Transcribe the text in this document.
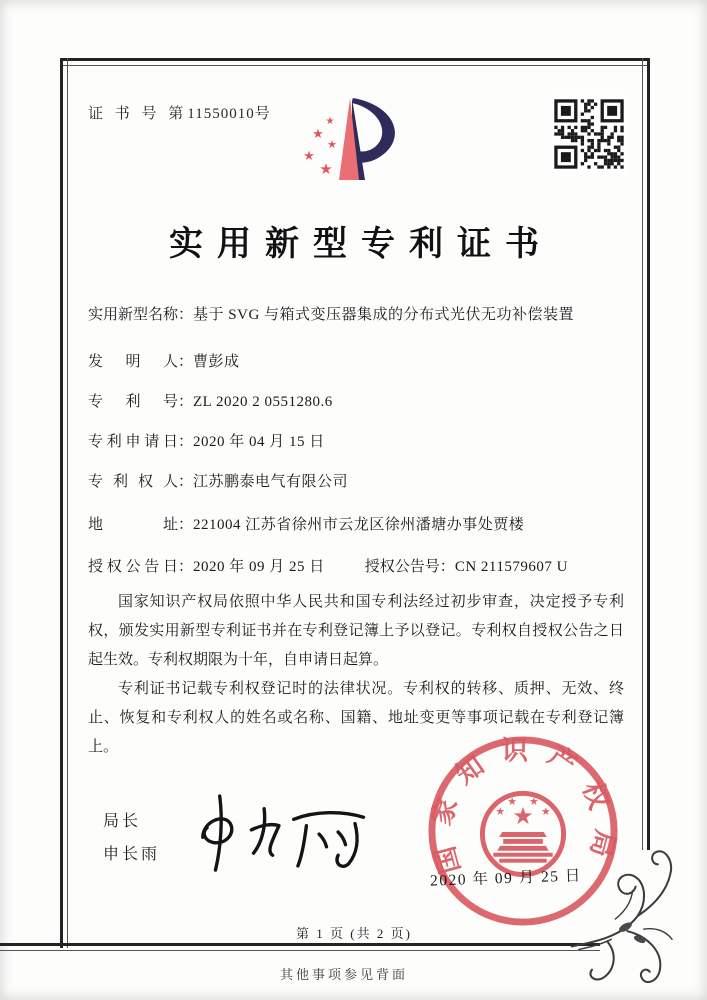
证 书 号 第11550010号	★
★
★
★
★
实用新型专利证书
实用新型名称：基于 SVG 与箱式变压器集成的分布式光伏无功补偿装置
发明人：曹彭成
专利号：ZL 2020 2 0551280.6
专利申请日：2020 年 04 月 15 日
专利权人：江苏鹏泰电气有限公司
地址：221004 江苏省徐州市云龙区徐州潘塘办事处贾楼
授权公告日：2020 年 09 月 25 日	授权公告号：CN 211579607 U

国家知识产权局依照中华人民共和国专利法经过初步审查，决定授予专利权，颁发实用新型专利证书并在专利登记簿上予以登记。专利权自授权公告之日起生效。专利权期限为十年，自申请日起算。

专利证书记载专利权登记时的法律状况。专利权的转移、质押、无效、终止、恢复和专利权人的姓名或名称、国籍、地址变更等事项记载在专利登记簿上。

局长
申长雨
2020 年 09 月 25 日
国家知识产权局
★
★
★ ★
★
第 1 页 (共 2 页)
其他事项参见背面
